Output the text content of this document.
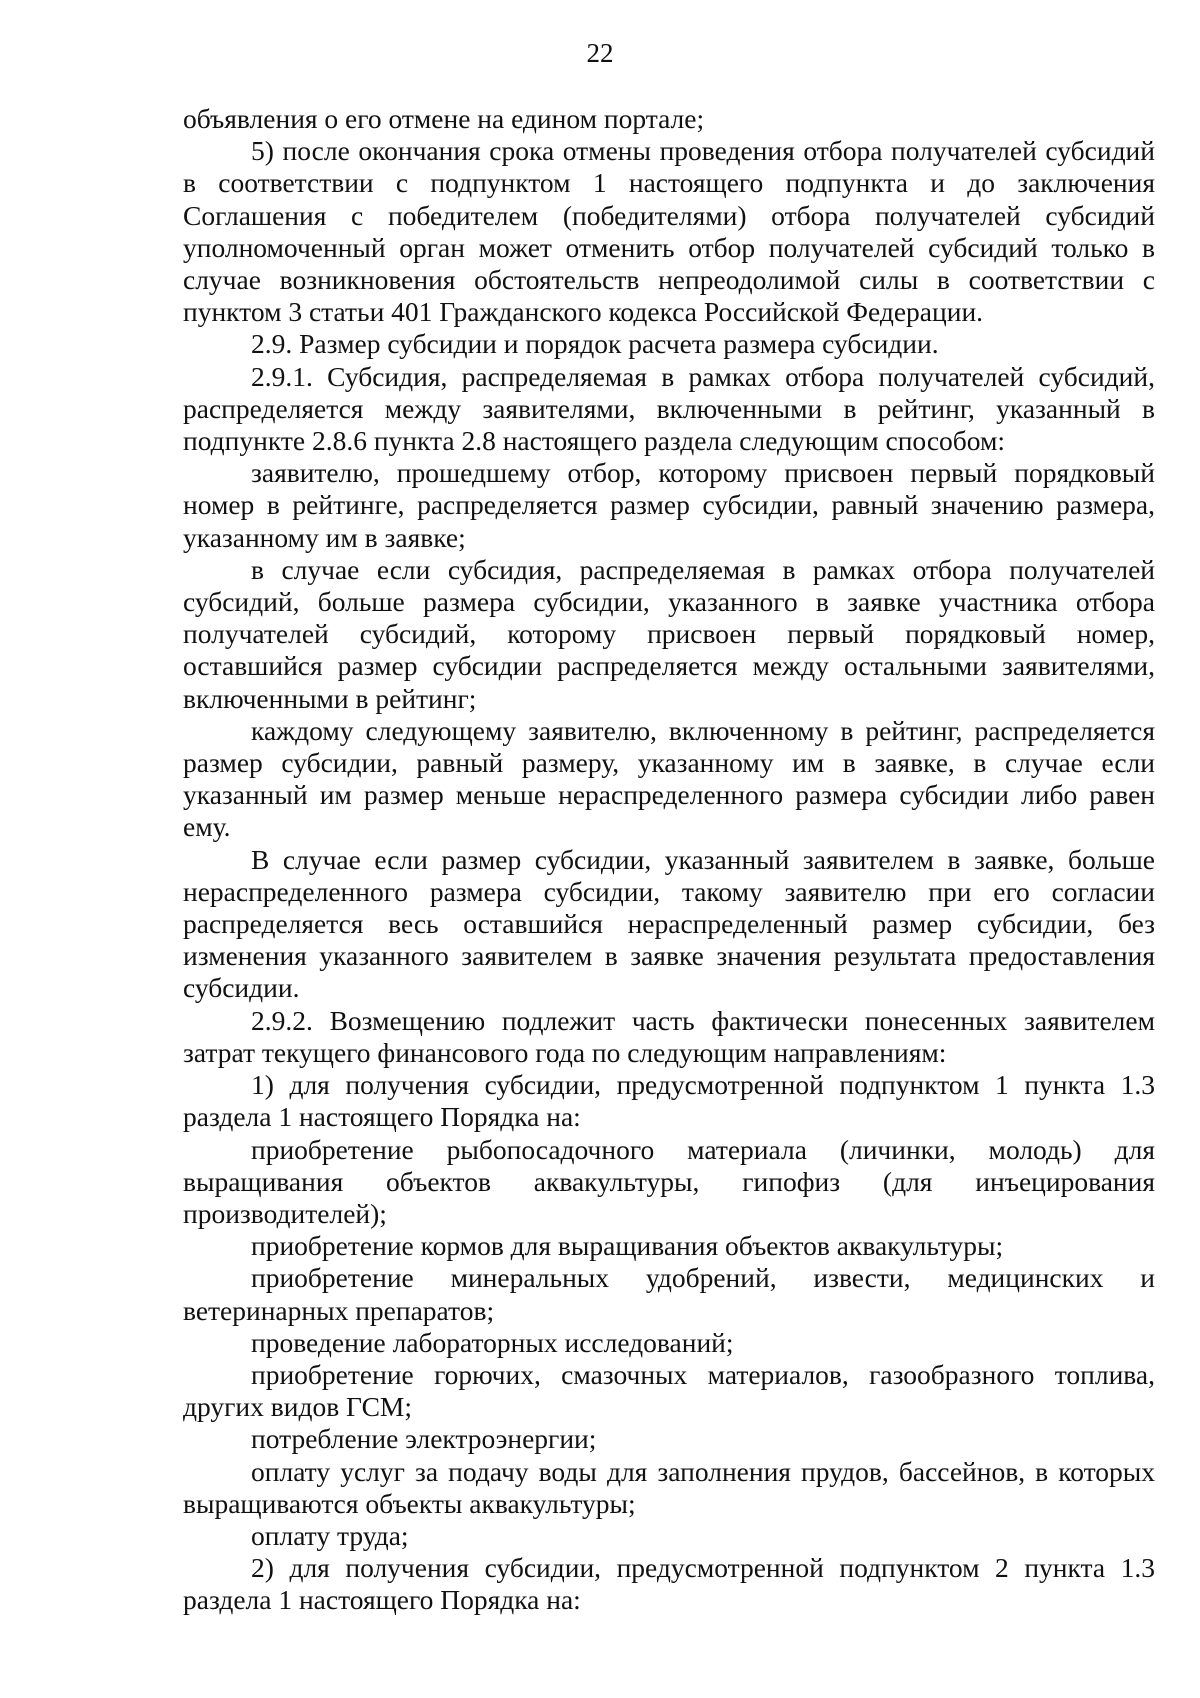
22

объявления о его отмене на едином портале;

5) после окончания срока отмены проведения отбора получателей субсидий в соответствии с подпунктом 1 настоящего подпункта и до заключения Соглашения с победителем (победителями) отбора получателей субсидий уполномоченный орган может отменить отбор получателей субсидий только в случае возникновения обстоятельств непреодолимой силы в соответствии с пунктом 3 статьи 401 Гражданского кодекса Российской Федерации.

2.9. Размер субсидии и порядок расчета размера субсидии.

2.9.1. Субсидия, распределяемая в рамках отбора получателей субсидий, распределяется между заявителями, включенными в рейтинг, указанный в подпункте 2.8.6 пункта 2.8 настоящего раздела следующим способом:

заявителю, прошедшему отбор, которому присвоен первый порядковый номер в рейтинге, распределяется размер субсидии, равный значению размера, указанному им в заявке;

в случае если субсидия, распределяемая в рамках отбора получателей субсидий, больше размера субсидии, указанного в заявке участника отбора получателей субсидий, которому присвоен первый порядковый номер, оставшийся размер субсидии распределяется между остальными заявителями, включенными в рейтинг;

каждому следующему заявителю, включенному в рейтинг, распределяется размер субсидии, равный размеру, указанному им в заявке, в случае если указанный им размер меньше нераспределенного размера субсидии либо равен ему.

В случае если размер субсидии, указанный заявителем в заявке, больше нераспределенного размера субсидии, такому заявителю при его согласии распределяется весь оставшийся нераспределенный размер субсидии, без изменения указанного заявителем в заявке значения результата предоставления субсидии.

2.9.2. Возмещению подлежит часть фактически понесенных заявителем затрат текущего финансового года по следующим направлениям:

1) для получения субсидии, предусмотренной подпунктом 1 пункта 1.3 раздела 1 настоящего Порядка на:

приобретение рыбопосадочного материала (личинки, молодь) для выращивания объектов аквакультуры, гипофиз (для инъецирования производителей);

приобретение кормов для выращивания объектов аквакультуры;

приобретение минеральных удобрений, извести, медицинских и ветеринарных препаратов;

проведение лабораторных исследований;

приобретение горючих, смазочных материалов, газообразного топлива, других видов ГСМ;

потребление электроэнергии;

оплату услуг за подачу воды для заполнения прудов, бассейнов, в которых выращиваются объекты аквакультуры;

оплату труда;

2) для получения субсидии, предусмотренной подпунктом 2 пункта 1.3 раздела 1 настоящего Порядка на:
